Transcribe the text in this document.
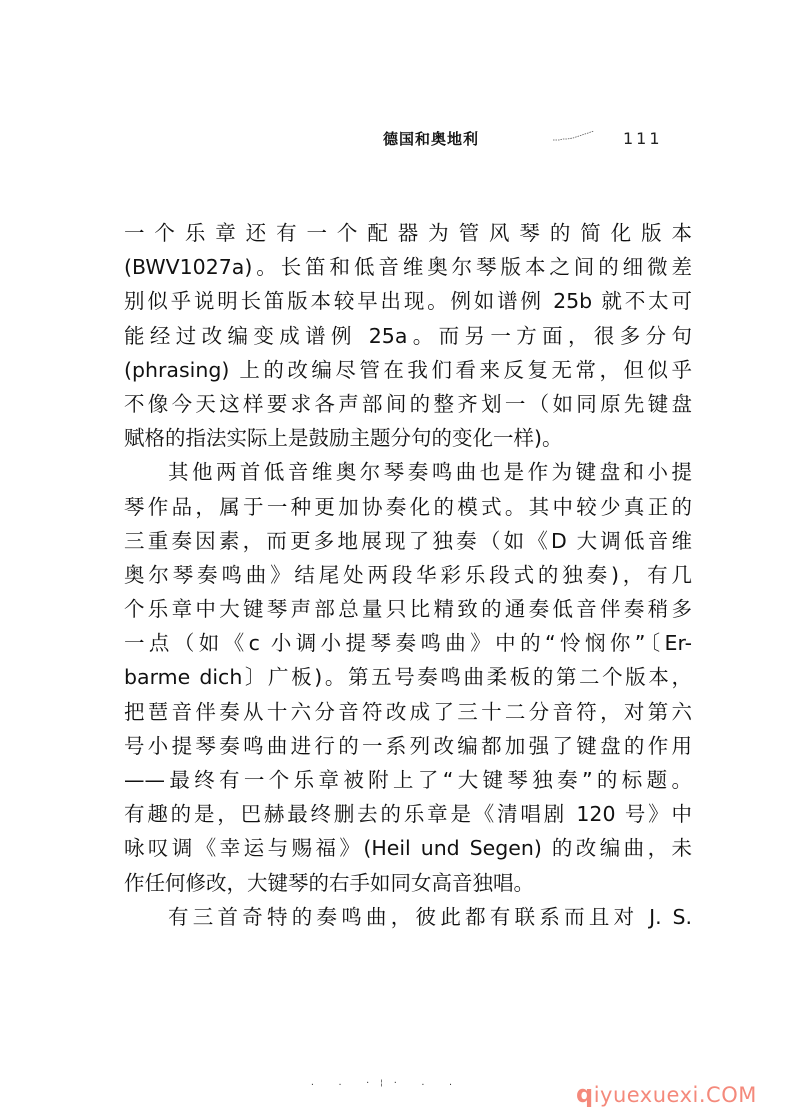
德国和奥地利	111
一个乐章还有一个配器为管风琴的简化版本
(BWV1027a)。长笛和低音维奥尔琴版本之间的细微差
别似乎说明长笛版本较早出现。例如谱例 25b 就不太可
能经过改编变成谱例 25a。而另一方面，很多分句
(phrasing) 上的改编尽管在我们看来反复无常，但似乎
不像今天这样要求各声部间的整齐划一（如同原先键盘
赋格的指法实际上是鼓励主题分句的变化一样)。
其他两首低音维奥尔琴奏鸣曲也是作为键盘和小提
琴作品，属于一种更加协奏化的模式。其中较少真正的
三重奏因素，而更多地展现了独奏（如《D 大调低音维
奥尔琴奏鸣曲》结尾处两段华彩乐段式的独奏)，有几
个乐章中大键琴声部总量只比精致的通奏低音伴奏稍多
一点（如《c 小调小提琴奏鸣曲》中的“怜悯你”〔Er-
barme dich〕广板)。第五号奏鸣曲柔板的第二个版本，
把琶音伴奏从十六分音符改成了三十二分音符，对第六
号小提琴奏鸣曲进行的一系列改编都加强了键盘的作用
——最终有一个乐章被附上了“大键琴独奏”的标题。
有趣的是，巴赫最终删去的乐章是《清唱剧 120 号》中
咏叹调《幸运与赐福》(Heil und Segen) 的改编曲，未
作任何修改，大键琴的右手如同女高音独唱。
有三首奇特的奏鸣曲，彼此都有联系而且对 J. S.
. . ·¦· . .	qiyuexuexi.COM
